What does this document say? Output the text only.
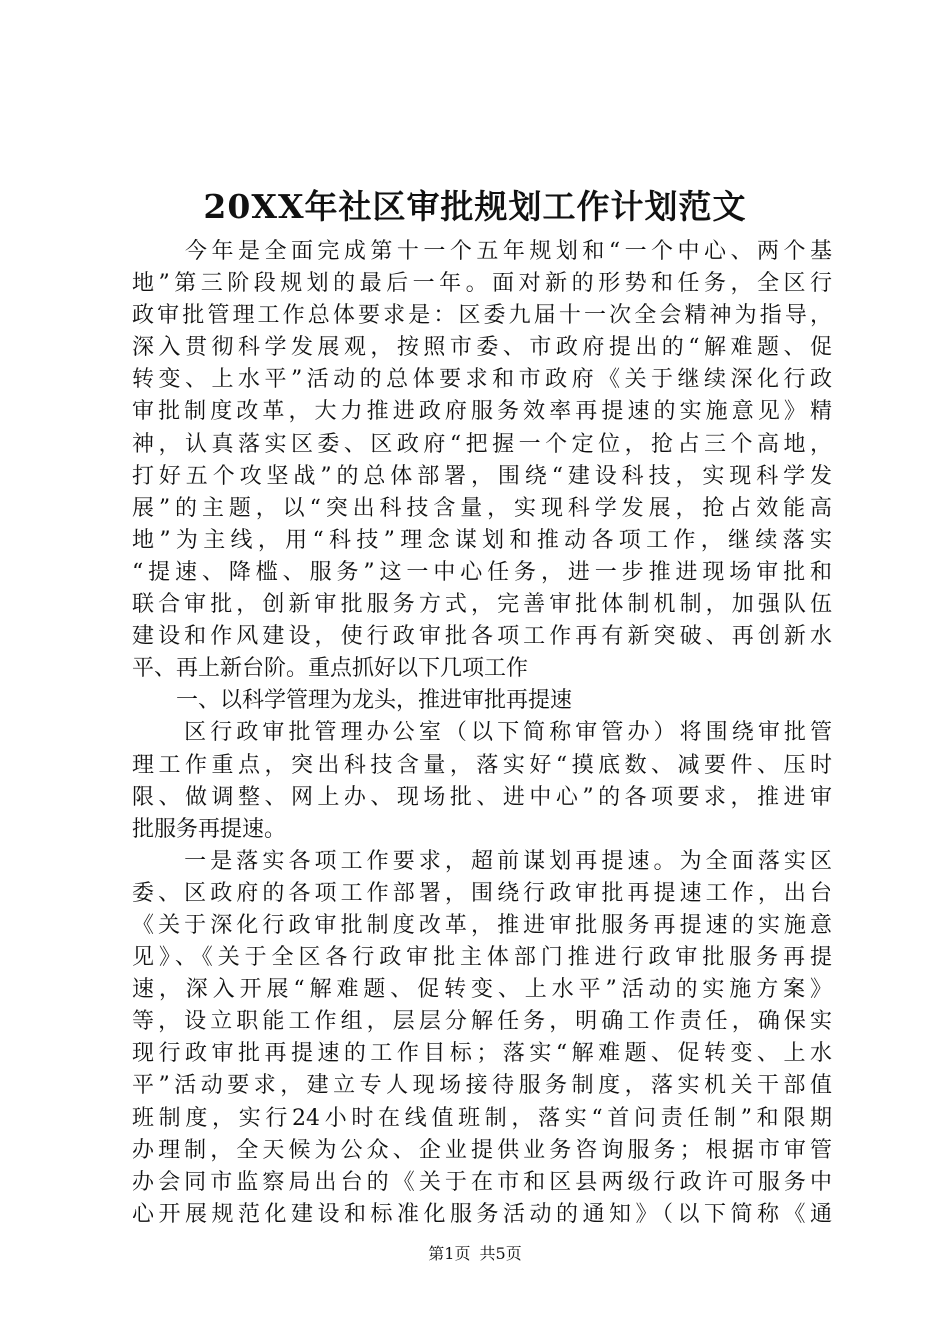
20XX年社区审批规划工作计划范文
　　今年是全面完成第十一个五年规划和“一个中心、两个基
地”第三阶段规划的最后一年。面对新的形势和任务，全区行
政审批管理工作总体要求是：区委九届十一次全会精神为指导，
深入贯彻科学发展观，按照市委、市政府提出的“解难题、促
转变、上水平”活动的总体要求和市政府《关于继续深化行政
审批制度改革，大力推进政府服务效率再提速的实施意见》精
神，认真落实区委、区政府“把握一个定位，抢占三个高地，
打好五个攻坚战”的总体部署，围绕“建设科技，实现科学发
展”的主题，以“突出科技含量，实现科学发展，抢占效能高
地”为主线，用“科技”理念谋划和推动各项工作，继续落实
“提速、降槛、服务”这一中心任务，进一步推进现场审批和
联合审批，创新审批服务方式，完善审批体制机制，加强队伍
建设和作风建设，使行政审批各项工作再有新突破、再创新水
平、再上新台阶。重点抓好以下几项工作
　　一、以科学管理为龙头，推进审批再提速
　　区行政审批管理办公室（以下简称审管办）将围绕审批管
理工作重点，突出科技含量，落实好“摸底数、减要件、压时
限、做调整、网上办、现场批、进中心”的各项要求，推进审
批服务再提速。
　　一是落实各项工作要求，超前谋划再提速。为全面落实区
委、区政府的各项工作部署，围绕行政审批再提速工作，出台
《关于深化行政审批制度改革，推进审批服务再提速的实施意
见》、《关于全区各行政审批主体部门推进行政审批服务再提
速，深入开展“解难题、促转变、上水平”活动的实施方案》
等，设立职能工作组，层层分解任务，明确工作责任，确保实
现行政审批再提速的工作目标；落实“解难题、促转变、上水
平”活动要求，建立专人现场接待服务制度，落实机关干部值
班制度，实行24小时在线值班制，落实“首问责任制”和限期
办理制，全天候为公众、企业提供业务咨询服务；根据市审管
办会同市监察局出台的《关于在市和区县两级行政许可服务中
心开展规范化建设和标准化服务活动的通知》（以下简称《通
第1页 共5页
